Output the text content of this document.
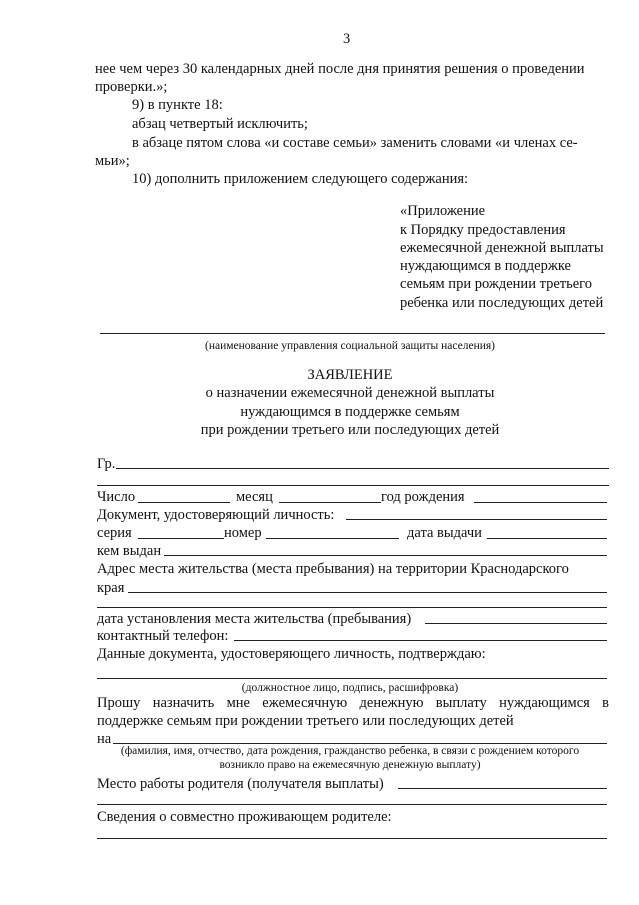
3
нее чем через 30 календарных дней после дня принятия решения о проведении
проверки.»;
9) в пункте 18:
абзац четвертый исключить;
в абзаце пятом слова «и составе семьи» заменить словами «и членах се-
мьи»;
10) дополнить приложением следующего содержания:
«Приложение
к Порядку предоставления
ежемесячной денежной выплаты
нуждающимся в поддержке
семьям при рождении третьего
ребенка или последующих детей
(наименование управления социальной защиты населения)
ЗАЯВЛЕНИЕ
о назначении ежемесячной денежной выплаты
нуждающимся в поддержке семьям
при рождении третьего или последующих детей
Гр.
Число	месяц	год рождения
Документ, удостоверяющий личность:
серия	номер	дата выдачи
кем выдан
Адрес места жительства (места пребывания) на территории Краснодарского
края
дата установления места жительства (пребывания)
контактный телефон:
Данные документа, удостоверяющего личность, подтверждаю:
(должностное лицо, подпись, расшифровка)
Прошу назначить мне ежемесячную денежную выплату нуждающимся в
поддержке семьям при рождении третьего или последующих детей
на
(фамилия, имя, отчество, дата рождения, гражданство ребенка, в связи с рождением которого
возникло право на ежемесячную денежную выплату)
Место работы родителя (получателя выплаты)
Сведения о совместно проживающем родителе:
